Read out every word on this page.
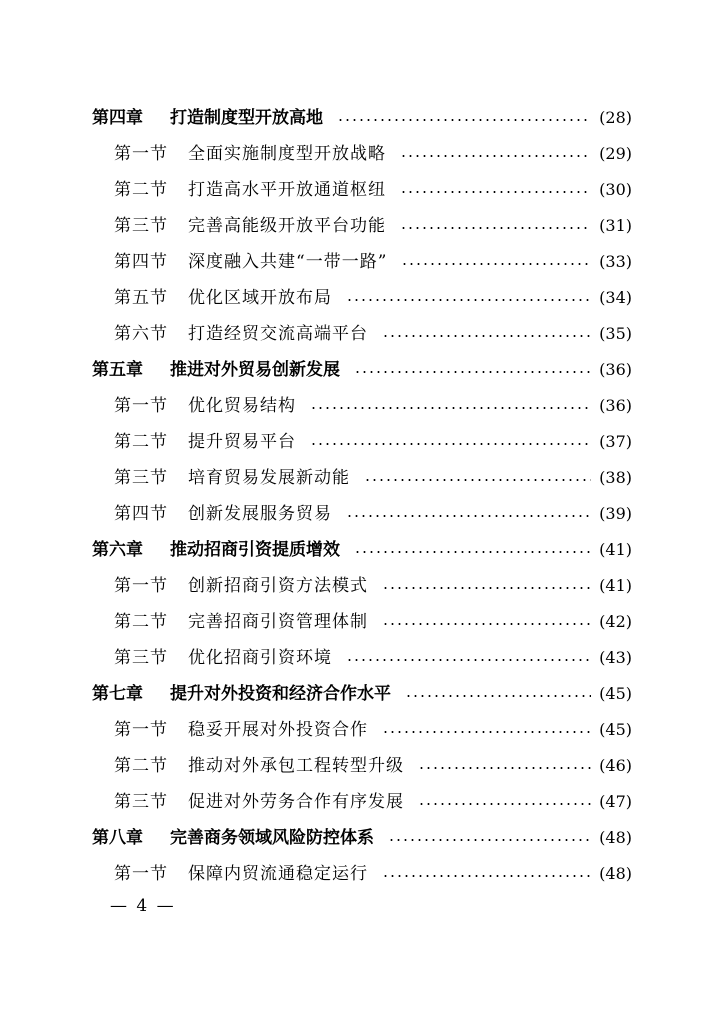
第四章	打造制度型开放高地	(28)
第一节	全面实施制度型开放战略	(29)
第二节	打造高水平开放通道枢纽	(30)
第三节	完善高能级开放平台功能	(31)
第四节	深度融入共建“一带一路”	(33)
第五节	优化区域开放布局	(34)
第六节	打造经贸交流高端平台	(35)
第五章	推进对外贸易创新发展	(36)
第一节	优化贸易结构	(36)
第二节	提升贸易平台	(37)
第三节	培育贸易发展新动能	(38)
第四节	创新发展服务贸易	(39)
第六章	推动招商引资提质增效	(41)
第一节	创新招商引资方法模式	(41)
第二节	完善招商引资管理体制	(42)
第三节	优化招商引资环境	(43)
第七章	提升对外投资和经济合作水平	(45)
第一节	稳妥开展对外投资合作	(45)
第二节	推动对外承包工程转型升级	(46)
第三节	促进对外劳务合作有序发展	(47)
第八章	完善商务领域风险防控体系	(48)
第一节	保障内贸流通稳定运行	(48)
— 4 —
